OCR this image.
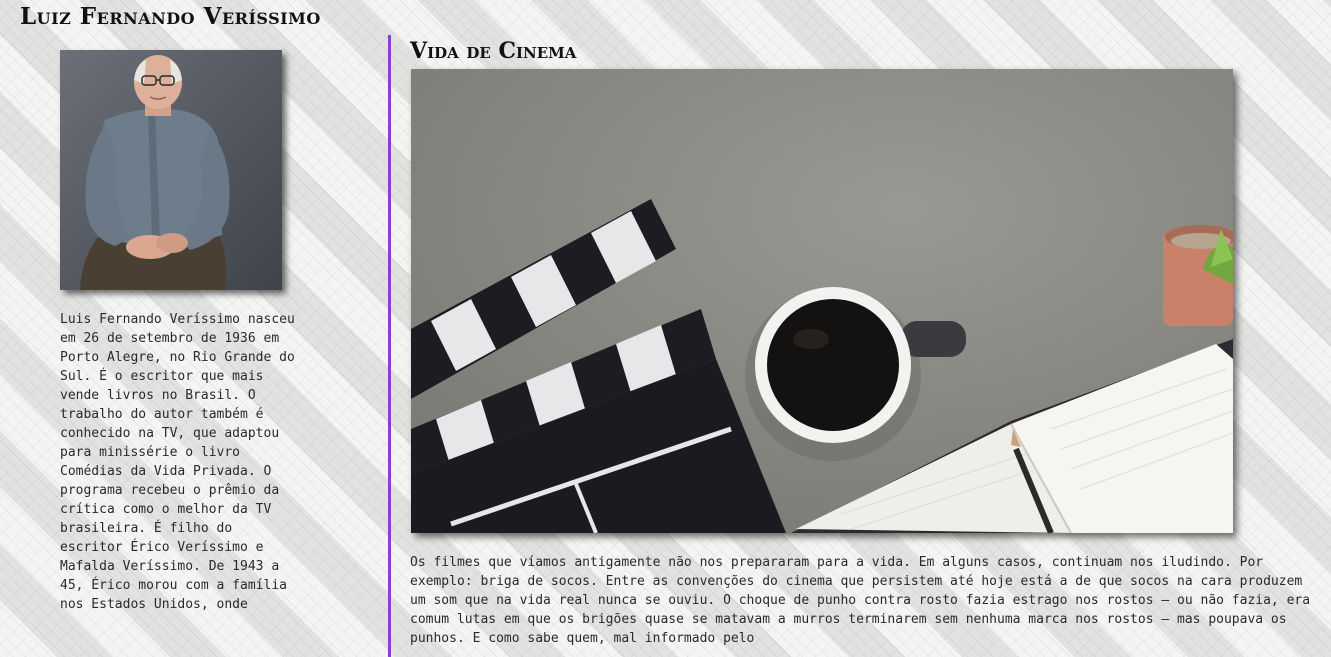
Luiz Fernando Veríssimo

Luis Fernando Veríssimo nasceu em 26 de setembro de 1936 em Porto Alegre, no Rio Grande do Sul. É o escritor que mais vende livros no Brasil. O trabalho do autor também é conhecido na TV, que adaptou para minissérie o livro Comédias da Vida Privada. O programa recebeu o prêmio da crítica como o melhor da TV brasileira. É filho do escritor Érico Veríssimo e Mafalda Veríssimo. De 1943 a 45, Érico morou com a família nos Estados Unidos, onde

Vida de Cinema

Os filmes que víamos antigamente não nos prepararam para a vida. Em alguns casos, continuam nos iludindo. Por exemplo: briga de socos. Entre as convenções do cinema que persistem até hoje está a de que socos na cara produzem um som que na vida real nunca se ouviu. O choque de punho contra rosto fazia estrago nos rostos — ou não fazia, era comum lutas em que os brigões quase se matavam a murros terminarem sem nenhuma marca nos rostos — mas poupava os punhos. E como sabe quem, mal informado pelo
